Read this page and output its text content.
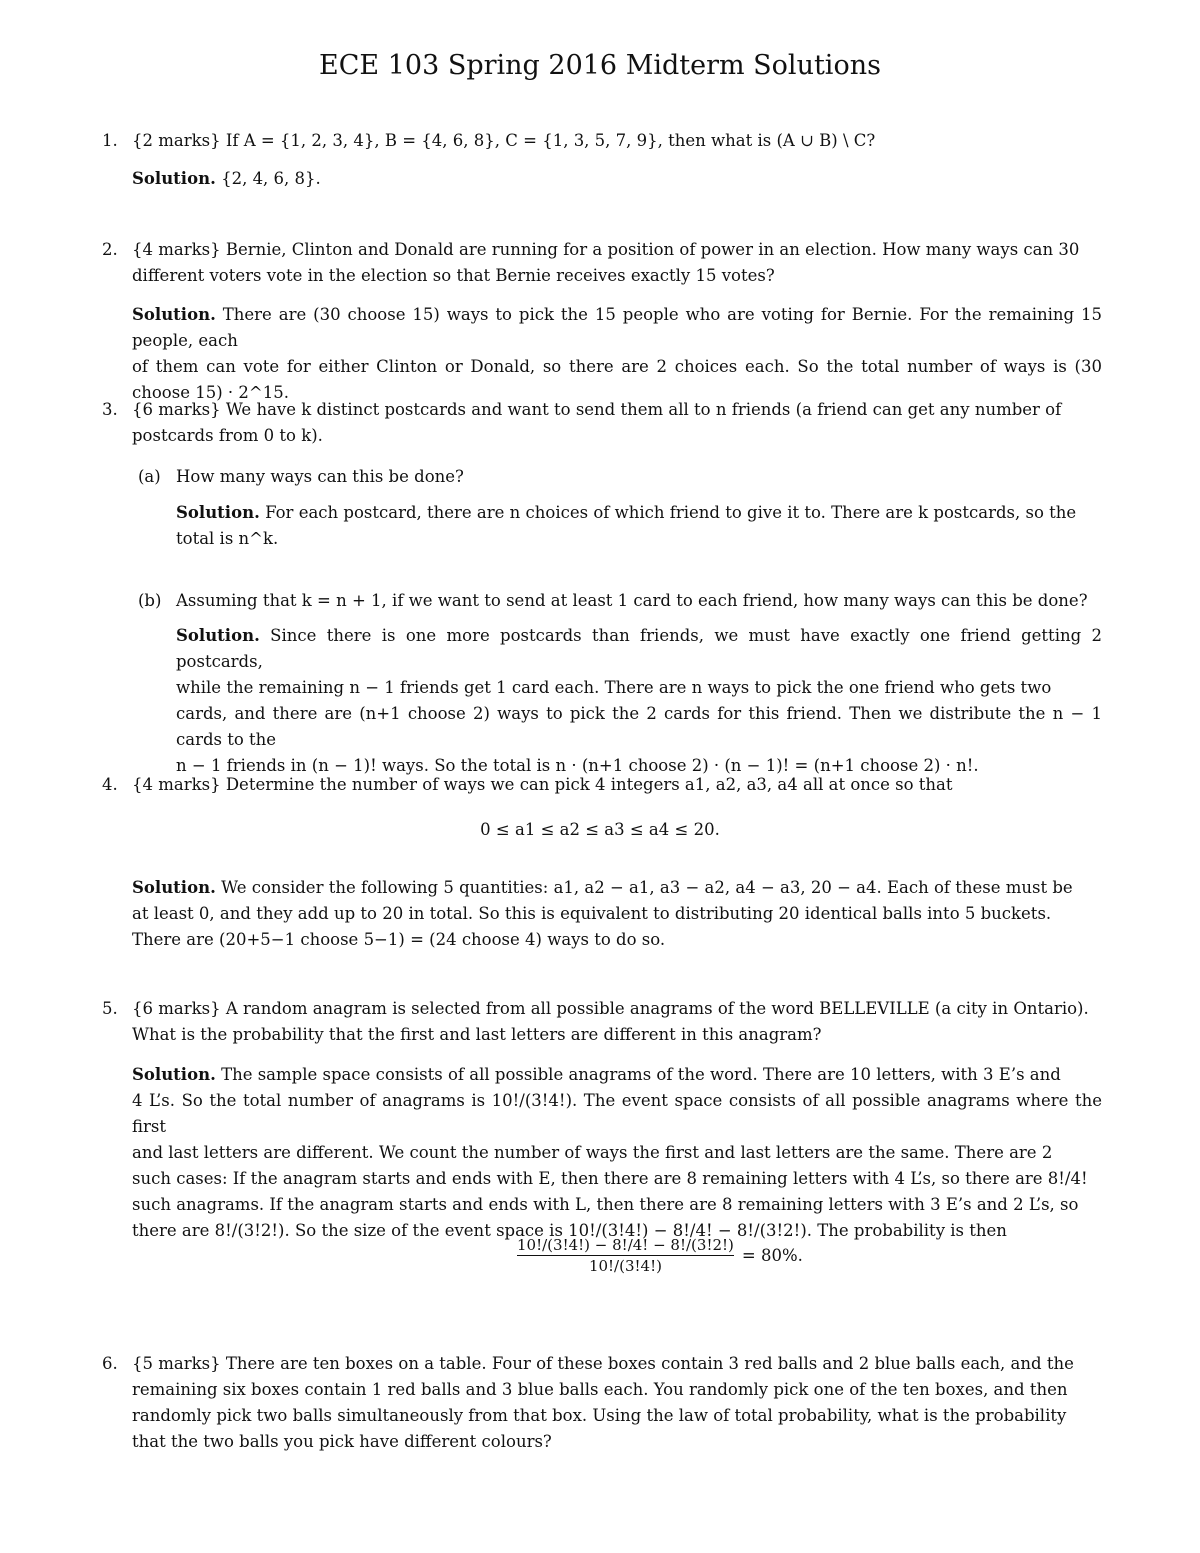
ECE 103 Spring 2016 Midterm Solutions
1. {2 marks} If A = {1, 2, 3, 4}, B = {4, 6, 8}, C = {1, 3, 5, 7, 9}, then what is (A ∪ B) \ C?
Solution. {2, 4, 6, 8}.
2. {4 marks} Bernie, Clinton and Donald are running for a position of power in an election. How many ways can 30
different voters vote in the election so that Bernie receives exactly 15 votes?
Solution. There are (30 choose 15) ways to pick the 15 people who are voting for Bernie. For the remaining 15 people, each
of them can vote for either Clinton or Donald, so there are 2 choices each. So the total number of ways is (30 choose 15) · 2^15.
3. {6 marks} We have k distinct postcards and want to send them all to n friends (a friend can get any number of
postcards from 0 to k).
(a) How many ways can this be done?
Solution. For each postcard, there are n choices of which friend to give it to. There are k postcards, so the
total is n^k.
(b) Assuming that k = n + 1, if we want to send at least 1 card to each friend, how many ways can this be done?
Solution. Since there is one more postcards than friends, we must have exactly one friend getting 2 postcards,
while the remaining n − 1 friends get 1 card each. There are n ways to pick the one friend who gets two
cards, and there are (n+1 choose 2) ways to pick the 2 cards for this friend. Then we distribute the n − 1 cards to the
n − 1 friends in (n − 1)! ways. So the total is n · (n+1 choose 2) · (n − 1)! = (n+1 choose 2) · n!.
4. {4 marks} Determine the number of ways we can pick 4 integers a1, a2, a3, a4 all at once so that
0 ≤ a1 ≤ a2 ≤ a3 ≤ a4 ≤ 20.
Solution. We consider the following 5 quantities: a1, a2 − a1, a3 − a2, a4 − a3, 20 − a4. Each of these must be
at least 0, and they add up to 20 in total. So this is equivalent to distributing 20 identical balls into 5 buckets.
There are (20+5−1 choose 5−1) = (24 choose 4) ways to do so.
5. {6 marks} A random anagram is selected from all possible anagrams of the word BELLEVILLE (a city in Ontario).
What is the probability that the first and last letters are different in this anagram?
Solution. The sample space consists of all possible anagrams of the word. There are 10 letters, with 3 E’s and
4 L’s. So the total number of anagrams is 10!/(3!4!). The event space consists of all possible anagrams where the first
and last letters are different. We count the number of ways the first and last letters are the same. There are 2
such cases: If the anagram starts and ends with E, then there are 8 remaining letters with 4 L’s, so there are 8!/4!
such anagrams. If the anagram starts and ends with L, then there are 8 remaining letters with 3 E’s and 2 L’s, so
there are 8!/(3!2!). So the size of the event space is 10!/(3!4!) − 8!/4! − 8!/(3!2!). The probability is then
10!/(3!4!) − 8!/4! − 8!/(3!2!)
10!/(3!4!)
= 80%.
6. {5 marks} There are ten boxes on a table. Four of these boxes contain 3 red balls and 2 blue balls each, and the
remaining six boxes contain 1 red balls and 3 blue balls each. You randomly pick one of the ten boxes, and then
randomly pick two balls simultaneously from that box. Using the law of total probability, what is the probability
that the two balls you pick have different colours?
